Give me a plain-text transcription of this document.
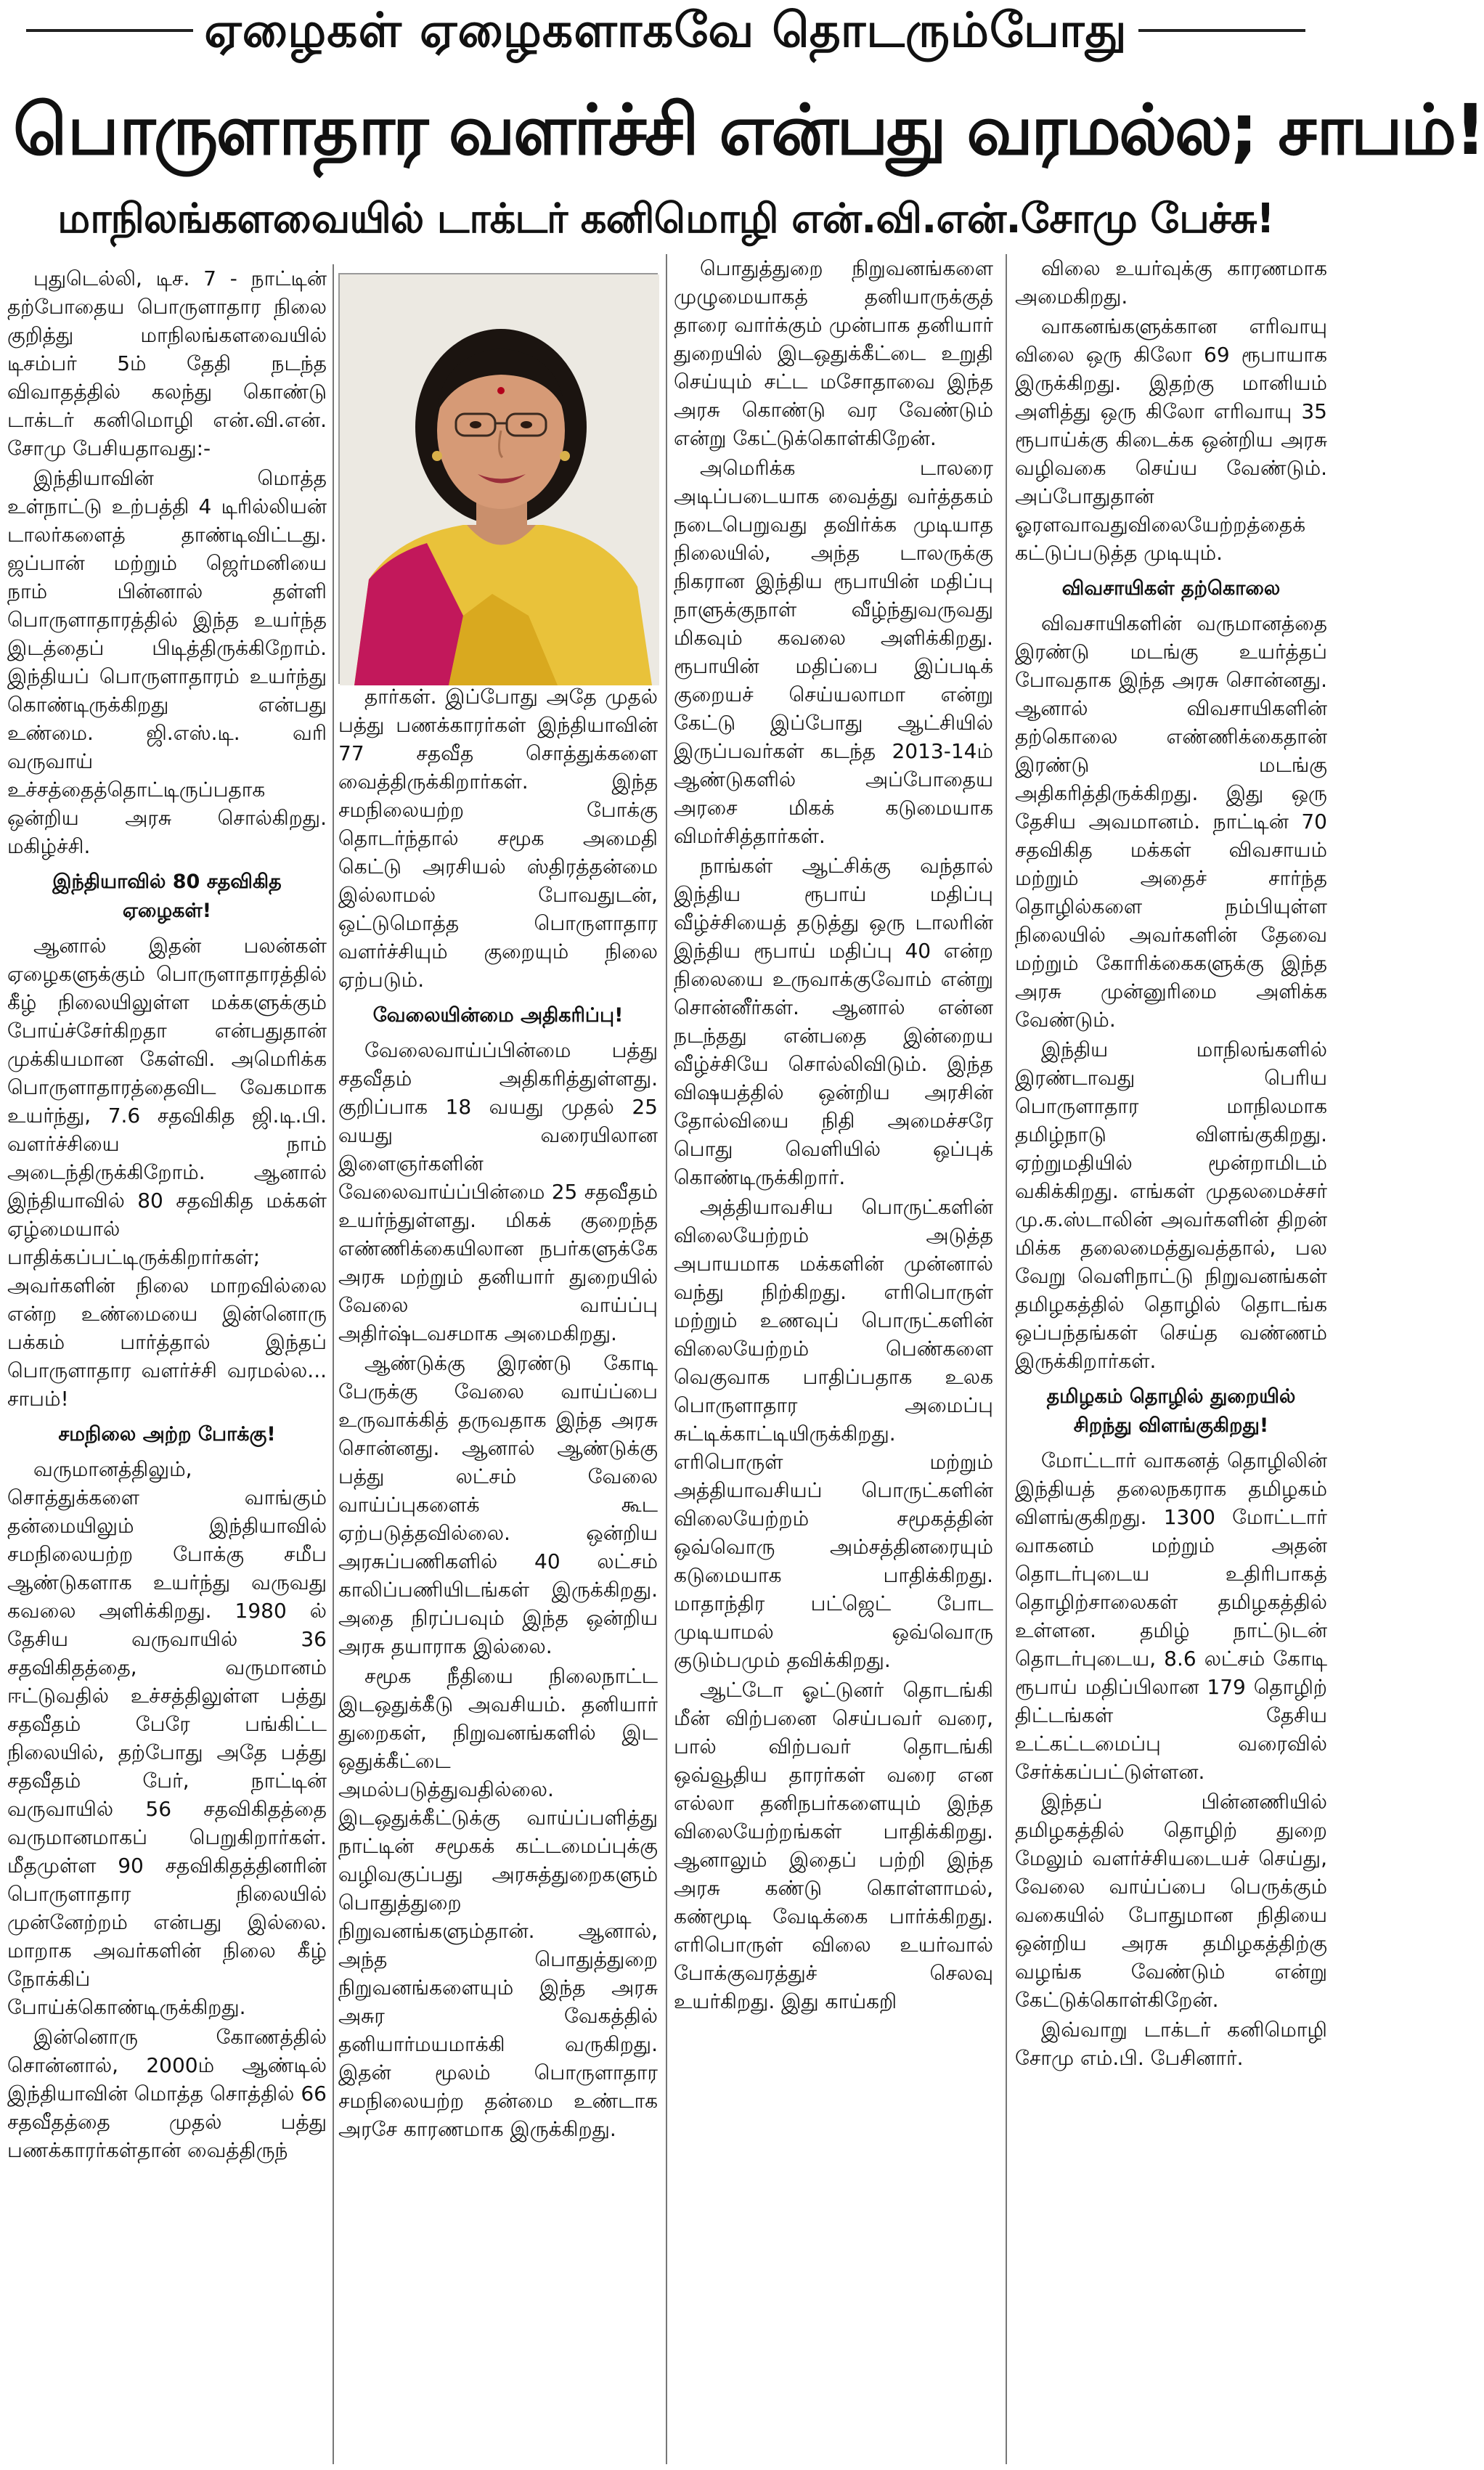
ஏழைகள் ஏழைகளாகவே தொடரும்போது
பொருளாதார வளர்ச்சி என்பது வரமல்ல; சாபம்!
மாநிலங்களவையில் டாக்டர் கனிமொழி என்.வி.என்.சோமு பேச்சு!

புதுடெல்லி, டிச. 7 - நாட்டின் தற்போதைய பொருளாதார நிலை குறித்து மாநிலங்களவையில் டிசம்பர் 5ம் தேதி நடந்த விவாதத்தில் கலந்து கொண்டு டாக்டர் கனிமொழி என்.வி.என். சோமு பேசியதாவது:-

இந்தியாவின் மொத்த உள்நாட்டு உற்பத்தி 4 டிரில்லியன் டாலர்களைத் தாண்டிவிட்டது. ஜப்பான் மற்றும் ஜெர்மனியை நாம் பின்னால் தள்ளி பொருளாதாரத்தில் இந்த உயர்ந்த இடத்தைப் பிடித்திருக்கிறோம். இந்தியப் பொருளாதாரம் உயர்ந்து கொண்டிருக்கிறது என்பது உண்மை. ஜி.எஸ்.டி. வரி வருவாய் உச்சத்தைத்தொட்டிருப்பதாக ஒன்றிய அரசு சொல்கிறது. மகிழ்ச்சி.

இந்தியாவில் 80 சதவிகித ஏழைகள்!

ஆனால் இதன் பலன்கள் ஏழைகளுக்கும் பொருளாதாரத்தில் கீழ் நிலையிலுள்ள மக்களுக்கும் போய்ச்சேர்கிறதா என்பதுதான் முக்கியமான கேள்வி. அமெரிக்க பொருளாதாரத்தைவிட வேகமாக உயர்ந்து, 7.6 சதவிகித ஜி.டி.பி. வளர்ச்சியை நாம் அடைந்திருக்கிறோம். ஆனால் இந்தியாவில் 80 சதவிகித மக்கள் ஏழ்மையால் பாதிக்கப்பட்டிருக்கிறார்கள்; அவர்களின் நிலை மாறவில்லை என்ற உண்மையை இன்னொரு பக்கம் பார்த்தால் இந்தப் பொருளாதார வளர்ச்சி வரமல்ல... சாபம்!

சமநிலை அற்ற போக்கு!

வருமானத்திலும், சொத்துக்களை வாங்கும் தன்மையிலும் இந்தியாவில் சமநிலையற்ற போக்கு சமீப ஆண்டுகளாக உயர்ந்து வருவது கவலை அளிக்கிறது. 1980 ல் தேசிய வருவாயில் 36 சதவிகிதத்தை, வருமானம் ஈட்டுவதில் உச்சத்திலுள்ள பத்து சதவீதம் பேரே பங்கிட்ட நிலையில், தற்போது அதே பத்து சதவீதம் பேர், நாட்டின் வருவாயில் 56 சதவிகிதத்தை வருமானமாகப் பெறுகிறார்கள். மீதமுள்ள 90 சதவிகிதத்தினரின் பொருளாதார நிலையில் முன்னேற்றம் என்பது இல்லை. மாறாக அவர்களின் நிலை கீழ் நோக்கிப் போய்க்கொண்டிருக்கிறது.

இன்னொரு கோணத்தில் சொன்னால், 2000ம் ஆண்டில் இந்தியாவின் மொத்த சொத்தில் 66 சதவீதத்தை முதல் பத்து பணக்காரர்கள்தான் வைத்திருந்

தார்கள். இப்போது அதே முதல் பத்து பணக்காரர்கள் இந்தியாவின் 77 சதவீத சொத்துக்களை வைத்திருக்கிறார்கள். இந்த சமநிலையற்ற போக்கு தொடர்ந்தால் சமூக அமைதி கெட்டு அரசியல் ஸ்திரத்தன்மை இல்லாமல் போவதுடன், ஒட்டுமொத்த பொருளாதார வளர்ச்சியும் குறையும் நிலை ஏற்படும்.

வேலையின்மை அதிகரிப்பு!

வேலைவாய்ப்பின்மை பத்து சதவீதம் அதிகரித்துள்ளது. குறிப்பாக 18 வயது முதல் 25 வயது வரையிலான இளைஞர்களின் வேலைவாய்ப்பின்மை 25 சதவீதம் உயர்ந்துள்ளது. மிகக் குறைந்த எண்ணிக்கையிலான நபர்களுக்கே அரசு மற்றும் தனியார் துறையில் வேலை வாய்ப்பு அதிர்ஷ்டவசமாக அமைகிறது.

ஆண்டுக்கு இரண்டு கோடி பேருக்கு வேலை வாய்ப்பை உருவாக்கித் தருவதாக இந்த அரசு சொன்னது. ஆனால் ஆண்டுக்கு பத்து லட்சம் வேலை வாய்ப்புகளைக் கூட ஏற்படுத்தவில்லை. ஒன்றிய அரசுப்பணிகளில் 40 லட்சம் காலிப்பணியிடங்கள் இருக்கிறது. அதை நிரப்பவும் இந்த ஒன்றிய அரசு தயாராக இல்லை.

சமூக நீதியை நிலைநாட்ட இடஒதுக்கீடு அவசியம். தனியார் துறைகள், நிறுவனங்களில் இட ஒதுக்கீட்டை அமல்படுத்துவதில்லை. இடஒதுக்கீட்டுக்கு வாய்ப்பளித்து நாட்டின் சமூகக் கட்டமைப்புக்கு வழிவகுப்பது அரசுத்துறைகளும் பொதுத்துறை நிறுவனங்களும்தான். ஆனால், அந்த பொதுத்துறை நிறுவனங்களையும் இந்த அரசு அசுர வேகத்தில் தனியார்மயமாக்கி வருகிறது. இதன் மூலம் பொருளாதார சமநிலையற்ற தன்மை உண்டாக அரசே காரணமாக இருக்கிறது.

பொதுத்துறை நிறுவனங்களை முழுமையாகத் தனியாருக்குத் தாரை வார்க்கும் முன்பாக தனியார் துறையில் இடஒதுக்கீட்டை உறுதி செய்யும் சட்ட மசோதாவை இந்த அரசு கொண்டு வர வேண்டும் என்று கேட்டுக்கொள்கிறேன்.

அமெரிக்க டாலரை அடிப்படையாக வைத்து வர்த்தகம் நடைபெறுவது தவிர்க்க முடியாத நிலையில், அந்த டாலருக்கு நிகரான இந்திய ரூபாயின் மதிப்பு நாளுக்குநாள் வீழ்ந்துவருவது மிகவும் கவலை அளிக்கிறது. ரூபாயின் மதிப்பை இப்படிக் குறையச் செய்யலாமா என்று கேட்டு இப்போது ஆட்சியில் இருப்பவர்கள் கடந்த 2013-14ம் ஆண்டுகளில் அப்போதைய அரசை மிகக் கடுமையாக விமர்சித்தார்கள்.

நாங்கள் ஆட்சிக்கு வந்தால் இந்திய ரூபாய் மதிப்பு வீழ்ச்சியைத் தடுத்து ஒரு டாலரின் இந்திய ரூபாய் மதிப்பு 40 என்ற நிலையை உருவாக்குவோம் என்று சொன்னீர்கள். ஆனால் என்ன நடந்தது என்பதை இன்றைய வீழ்ச்சியே சொல்லிவிடும். இந்த விஷயத்தில் ஒன்றிய அரசின் தோல்வியை நிதி அமைச்சரே பொது வெளியில் ஒப்புக் கொண்டிருக்கிறார்.

அத்தியாவசிய பொருட்களின் விலையேற்றம் அடுத்த அபாயமாக மக்களின் முன்னால் வந்து நிற்கிறது. எரிபொருள் மற்றும் உணவுப் பொருட்களின் விலையேற்றம் பெண்களை வெகுவாக பாதிப்பதாக உலக பொருளாதார அமைப்பு சுட்டிக்காட்டியிருக்கிறது. எரிபொருள் மற்றும் அத்தியாவசியப் பொருட்களின் விலையேற்றம் சமூகத்தின் ஒவ்வொரு அம்சத்தினரையும் கடுமையாக பாதிக்கிறது. மாதாந்திர பட்ஜெட் போட முடியாமல் ஒவ்வொரு குடும்பமும் தவிக்கிறது.

ஆட்டோ ஓட்டுனர் தொடங்கி மீன் விற்பனை செய்பவர் வரை, பால் விற்பவர் தொடங்கி ஒவ்வூதிய தாரர்கள் வரை என எல்லா தனிநபர்களையும் இந்த விலையேற்றங்கள் பாதிக்கிறது. ஆனாலும் இதைப் பற்றி இந்த அரசு கண்டு கொள்ளாமல், கண்மூடி வேடிக்கை பார்க்கிறது. எரிபொருள் விலை உயர்வால் போக்குவரத்துச் செலவு உயர்கிறது. இது காய்கறி

விலை உயர்வுக்கு காரணமாக அமைகிறது.

வாகனங்களுக்கான எரிவாயு விலை ஒரு கிலோ 69 ரூபாயாக இருக்கிறது. இதற்கு மானியம் அளித்து ஒரு கிலோ எரிவாயு 35 ரூபாய்க்கு கிடைக்க ஒன்றிய அரசு வழிவகை செய்ய வேண்டும். அப்போதுதான் ஓரளவாவதுவிலையேற்றத்தைக் கட்டுப்படுத்த முடியும்.

விவசாயிகள் தற்கொலை

விவசாயிகளின் வருமானத்தை இரண்டு மடங்கு உயர்த்தப் போவதாக இந்த அரசு சொன்னது. ஆனால் விவசாயிகளின் தற்கொலை எண்ணிக்கைதான் இரண்டு மடங்கு அதிகரித்திருக்கிறது. இது ஒரு தேசிய அவமானம். நாட்டின் 70 சதவிகித மக்கள் விவசாயம் மற்றும் அதைச் சார்ந்த தொழில்களை நம்பியுள்ள நிலையில் அவர்களின் தேவை மற்றும் கோரிக்கைகளுக்கு இந்த அரசு முன்னுரிமை அளிக்க வேண்டும்.

இந்திய மாநிலங்களில் இரண்டாவது பெரிய பொருளாதார மாநிலமாக தமிழ்நாடு விளங்குகிறது. ஏற்றுமதியில் மூன்றாமிடம் வகிக்கிறது. எங்கள் முதலமைச்சர் மு.க.ஸ்டாலின் அவர்களின் திறன் மிக்க தலைமைத்துவத்தால், பல வேறு வெளிநாட்டு நிறுவனங்கள் தமிழகத்தில் தொழில் தொடங்க ஒப்பந்தங்கள் செய்த வண்ணம் இருக்கிறார்கள்.

தமிழகம் தொழில் துறையில் சிறந்து விளங்குகிறது!

மோட்டார் வாகனத் தொழிலின் இந்தியத் தலைநகராக தமிழகம் விளங்குகிறது. 1300 மோட்டார் வாகனம் மற்றும் அதன் தொடர்புடைய உதிரிபாகத் தொழிற்சாலைகள் தமிழகத்தில் உள்ளன. தமிழ் நாட்டுடன் தொடர்புடைய, 8.6 லட்சம் கோடி ரூபாய் மதிப்பிலான 179 தொழிற் திட்டங்கள் தேசிய உட்கட்டமைப்பு வரைவில் சேர்க்கப்பட்டுள்ளன.

இந்தப் பின்னணியில் தமிழகத்தில் தொழிற் துறை மேலும் வளர்ச்சியடையச் செய்து, வேலை வாய்ப்பை பெருக்கும் வகையில் போதுமான நிதியை ஒன்றிய அரசு தமிழகத்திற்கு வழங்க வேண்டும் என்று கேட்டுக்கொள்கிறேன்.

இவ்வாறு டாக்டர் கனிமொழி சோமு எம்.பி. பேசினார்.
